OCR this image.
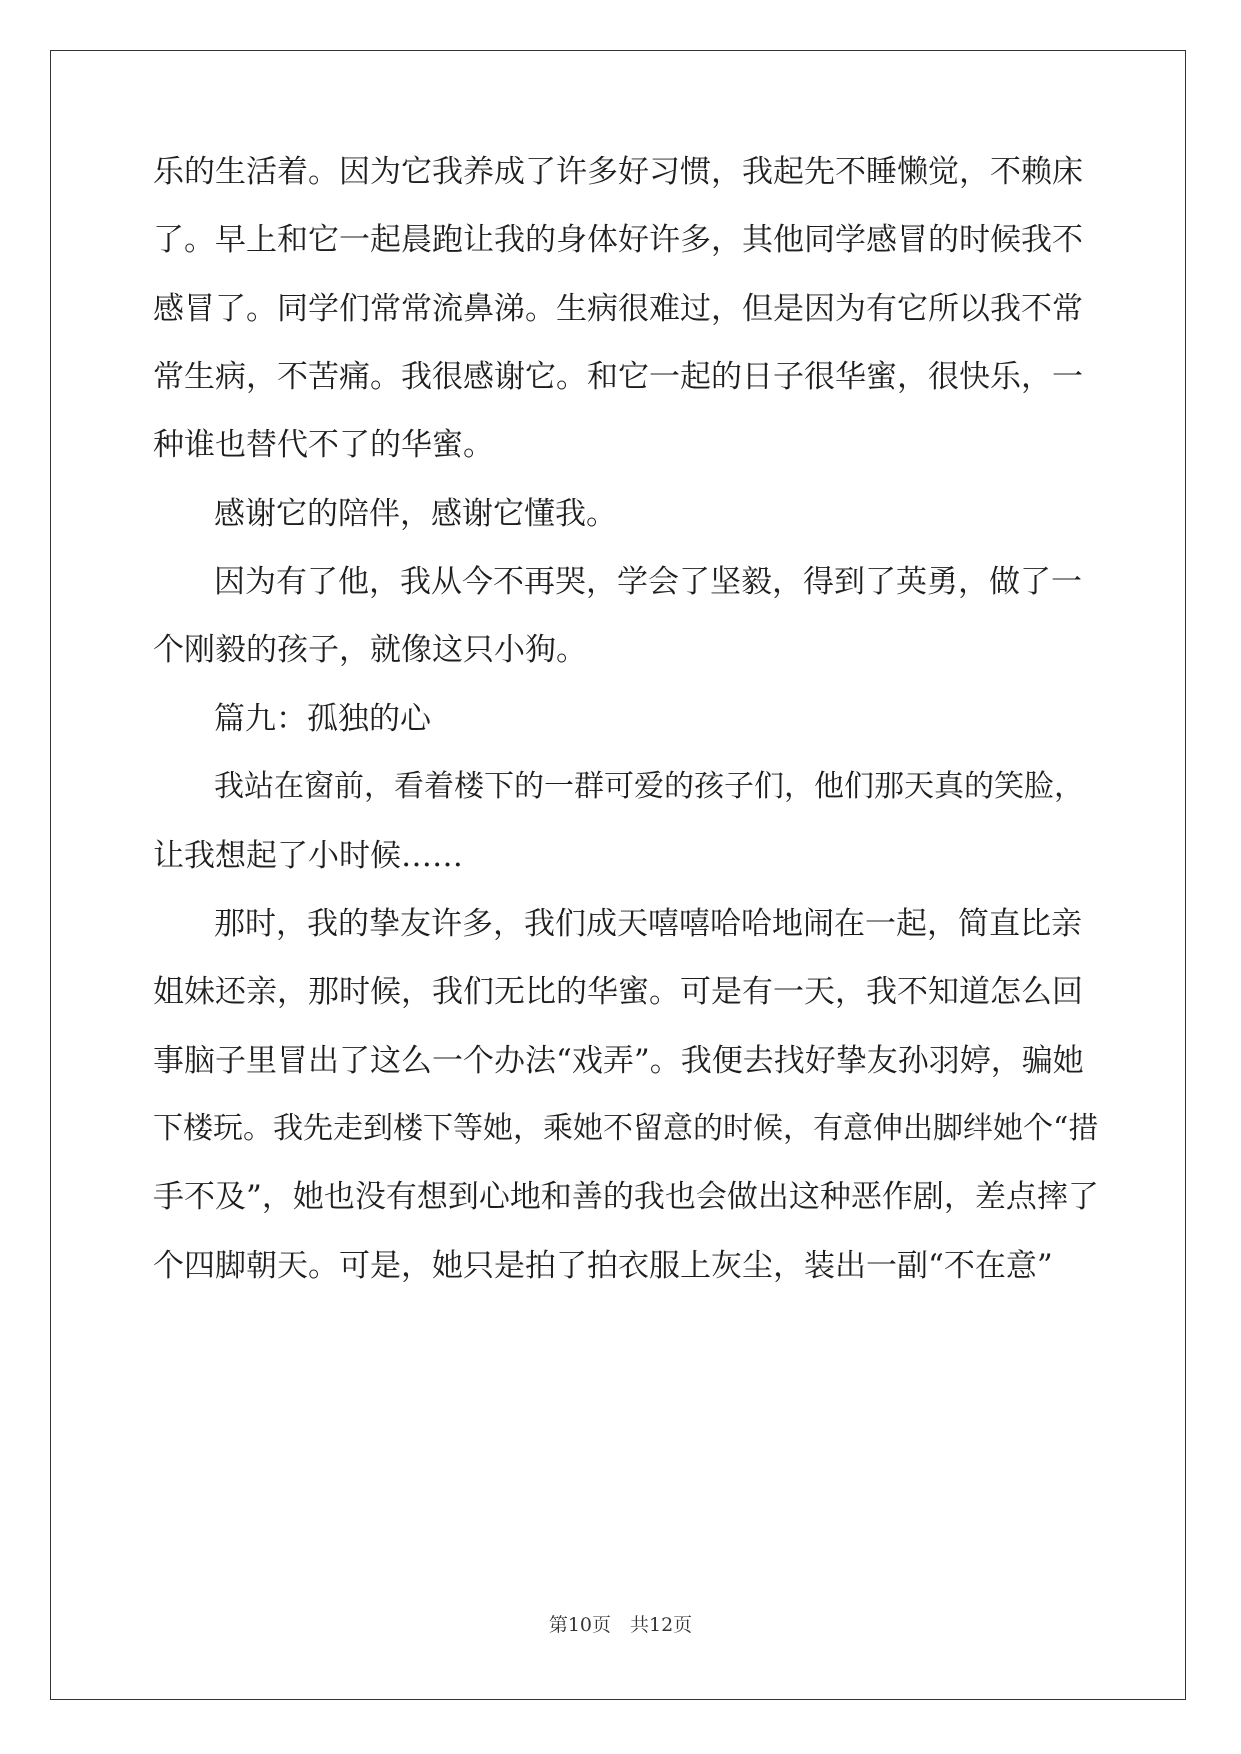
乐的生活着。因为它我养成了许多好习惯，我起先不睡懒觉，不赖床
了。早上和它一起晨跑让我的身体好许多，其他同学感冒的时候我不
感冒了。同学们常常流鼻涕。生病很难过，但是因为有它所以我不常
常生病，不苦痛。我很感谢它。和它一起的日子很华蜜，很快乐，一
种谁也替代不了的华蜜。
感谢它的陪伴，感谢它懂我。
因为有了他，我从今不再哭，学会了坚毅，得到了英勇，做了一
个刚毅的孩子，就像这只小狗。
篇九：孤独的心
我站在窗前，看着楼下的一群可爱的孩子们，他们那天真的笑脸，
让我想起了小时候……
那时，我的挚友许多，我们成天嘻嘻哈哈地闹在一起，简直比亲
姐妹还亲，那时候，我们无比的华蜜。可是有一天，我不知道怎么回
事脑子里冒出了这么一个办法“戏弄”。我便去找好挚友孙羽婷，骗她
下楼玩。我先走到楼下等她，乘她不留意的时候，有意伸出脚绊她个“措
手不及”，她也没有想到心地和善的我也会做出这种恶作剧，差点摔了
个四脚朝天。可是，她只是拍了拍衣服上灰尘，装出一副“不在意”
第10页　共12页
